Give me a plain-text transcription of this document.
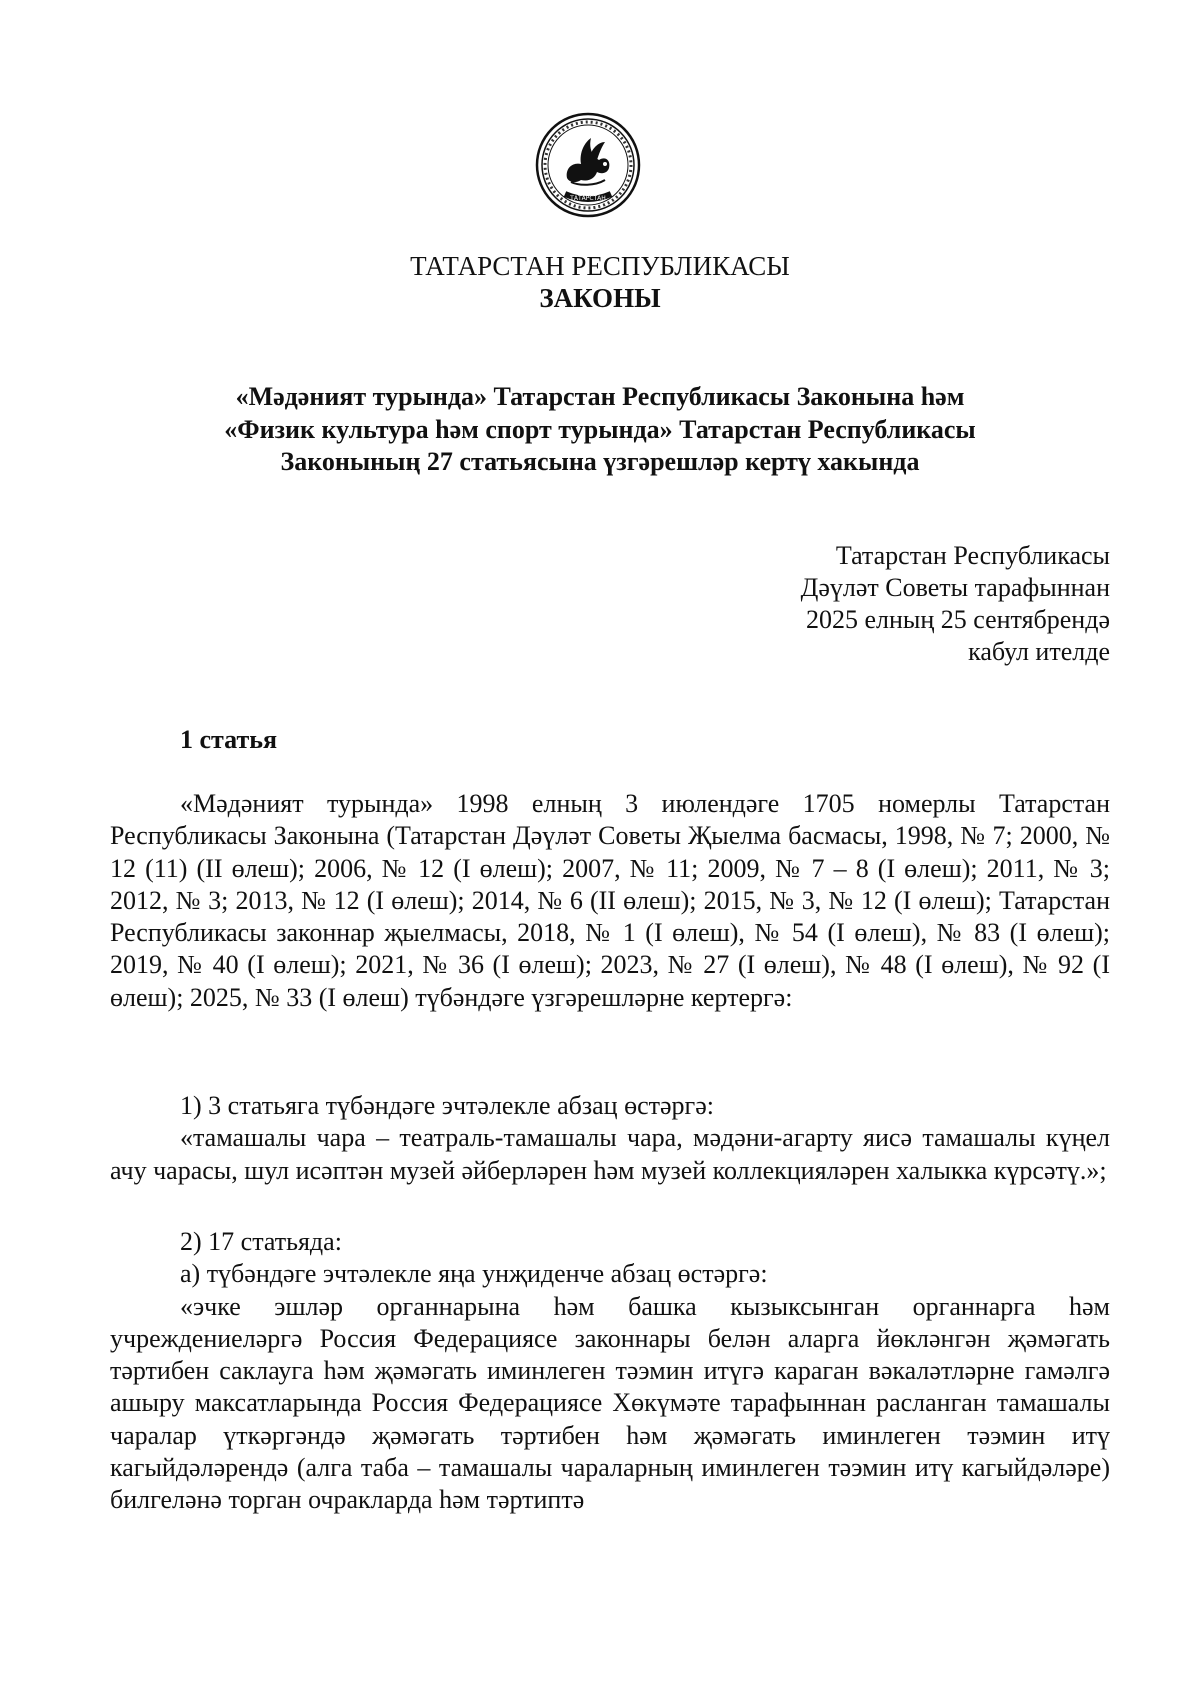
ТАТАРСТАН
ТАТАРСТАН РЕСПУБЛИКАСЫ
ЗАКОНЫ
«Мәдәният турында» Татарстан Республикасы Законына һәм
«Физик культура һәм спорт турында» Татарстан Республикасы
Законының 27 статьясына үзгәрешләр кертү хакында
Татарстан Республикасы
Дәүләт Советы тарафыннан
2025 елның 25 сентябрендә
кабул ителде
1 статья

«Мәдәният турында» 1998 елның 3 июлендәге 1705 номерлы Татарстан Республикасы Законына (Татарстан Дәүләт Советы Җыелма басмасы, 1998, № 7; 2000, № 12 (11) (II өлеш); 2006, № 12 (I өлеш); 2007, № 11; 2009, № 7 – 8 (I өлеш); 2011, № 3; 2012, № 3; 2013, № 12 (I өлеш); 2014, № 6 (II өлеш); 2015, № 3, № 12 (I өлеш); Татарстан Республикасы законнар җыелмасы, 2018, № 1 (I өлеш), № 54 (I өлеш), № 83 (I өлеш); 2019, № 40 (I өлеш); 2021, № 36 (I өлеш); 2023, № 27 (I өлеш), № 48 (I өлеш), № 92 (I өлеш); 2025, № 33 (I өлеш) түбәндәге үзгәрешләрне кертергә:

1) 3 статьяга түбәндәге эчтәлекле абзац өстәргә:

«тамашалы чара – театраль-тамашалы чара, мәдәни-агарту яисә тамашалы күңел ачу чарасы, шул исәптән музей әйберләрен һәм музей коллекцияләрен халыкка күрсәтү.»;

2) 17 статьяда:

а) түбәндәге эчтәлекле яңа унҗиденче абзац өстәргә:

«эчке эшләр органнарына һәм башка кызыксынган органнарга һәм учреждениеләргә Россия Федерациясе законнары белән аларга йөкләнгән җәмәгать тәртибен саклауга һәм җәмәгать иминлеген тәэмин итүгә караган вәкаләтләрне гамәлгә ашыру максатларында Россия Федерациясе Хөкүмәте тарафыннан расланган тамашалы чаралар үткәргәндә җәмәгать тәртибен һәм җәмәгать иминлеген тәэмин итү кагыйдәләрендә (алга таба – тамашалы чараларның иминлеген тәэмин итү кагыйдәләре) билгеләнә торган очракларда һәм тәртиптә
